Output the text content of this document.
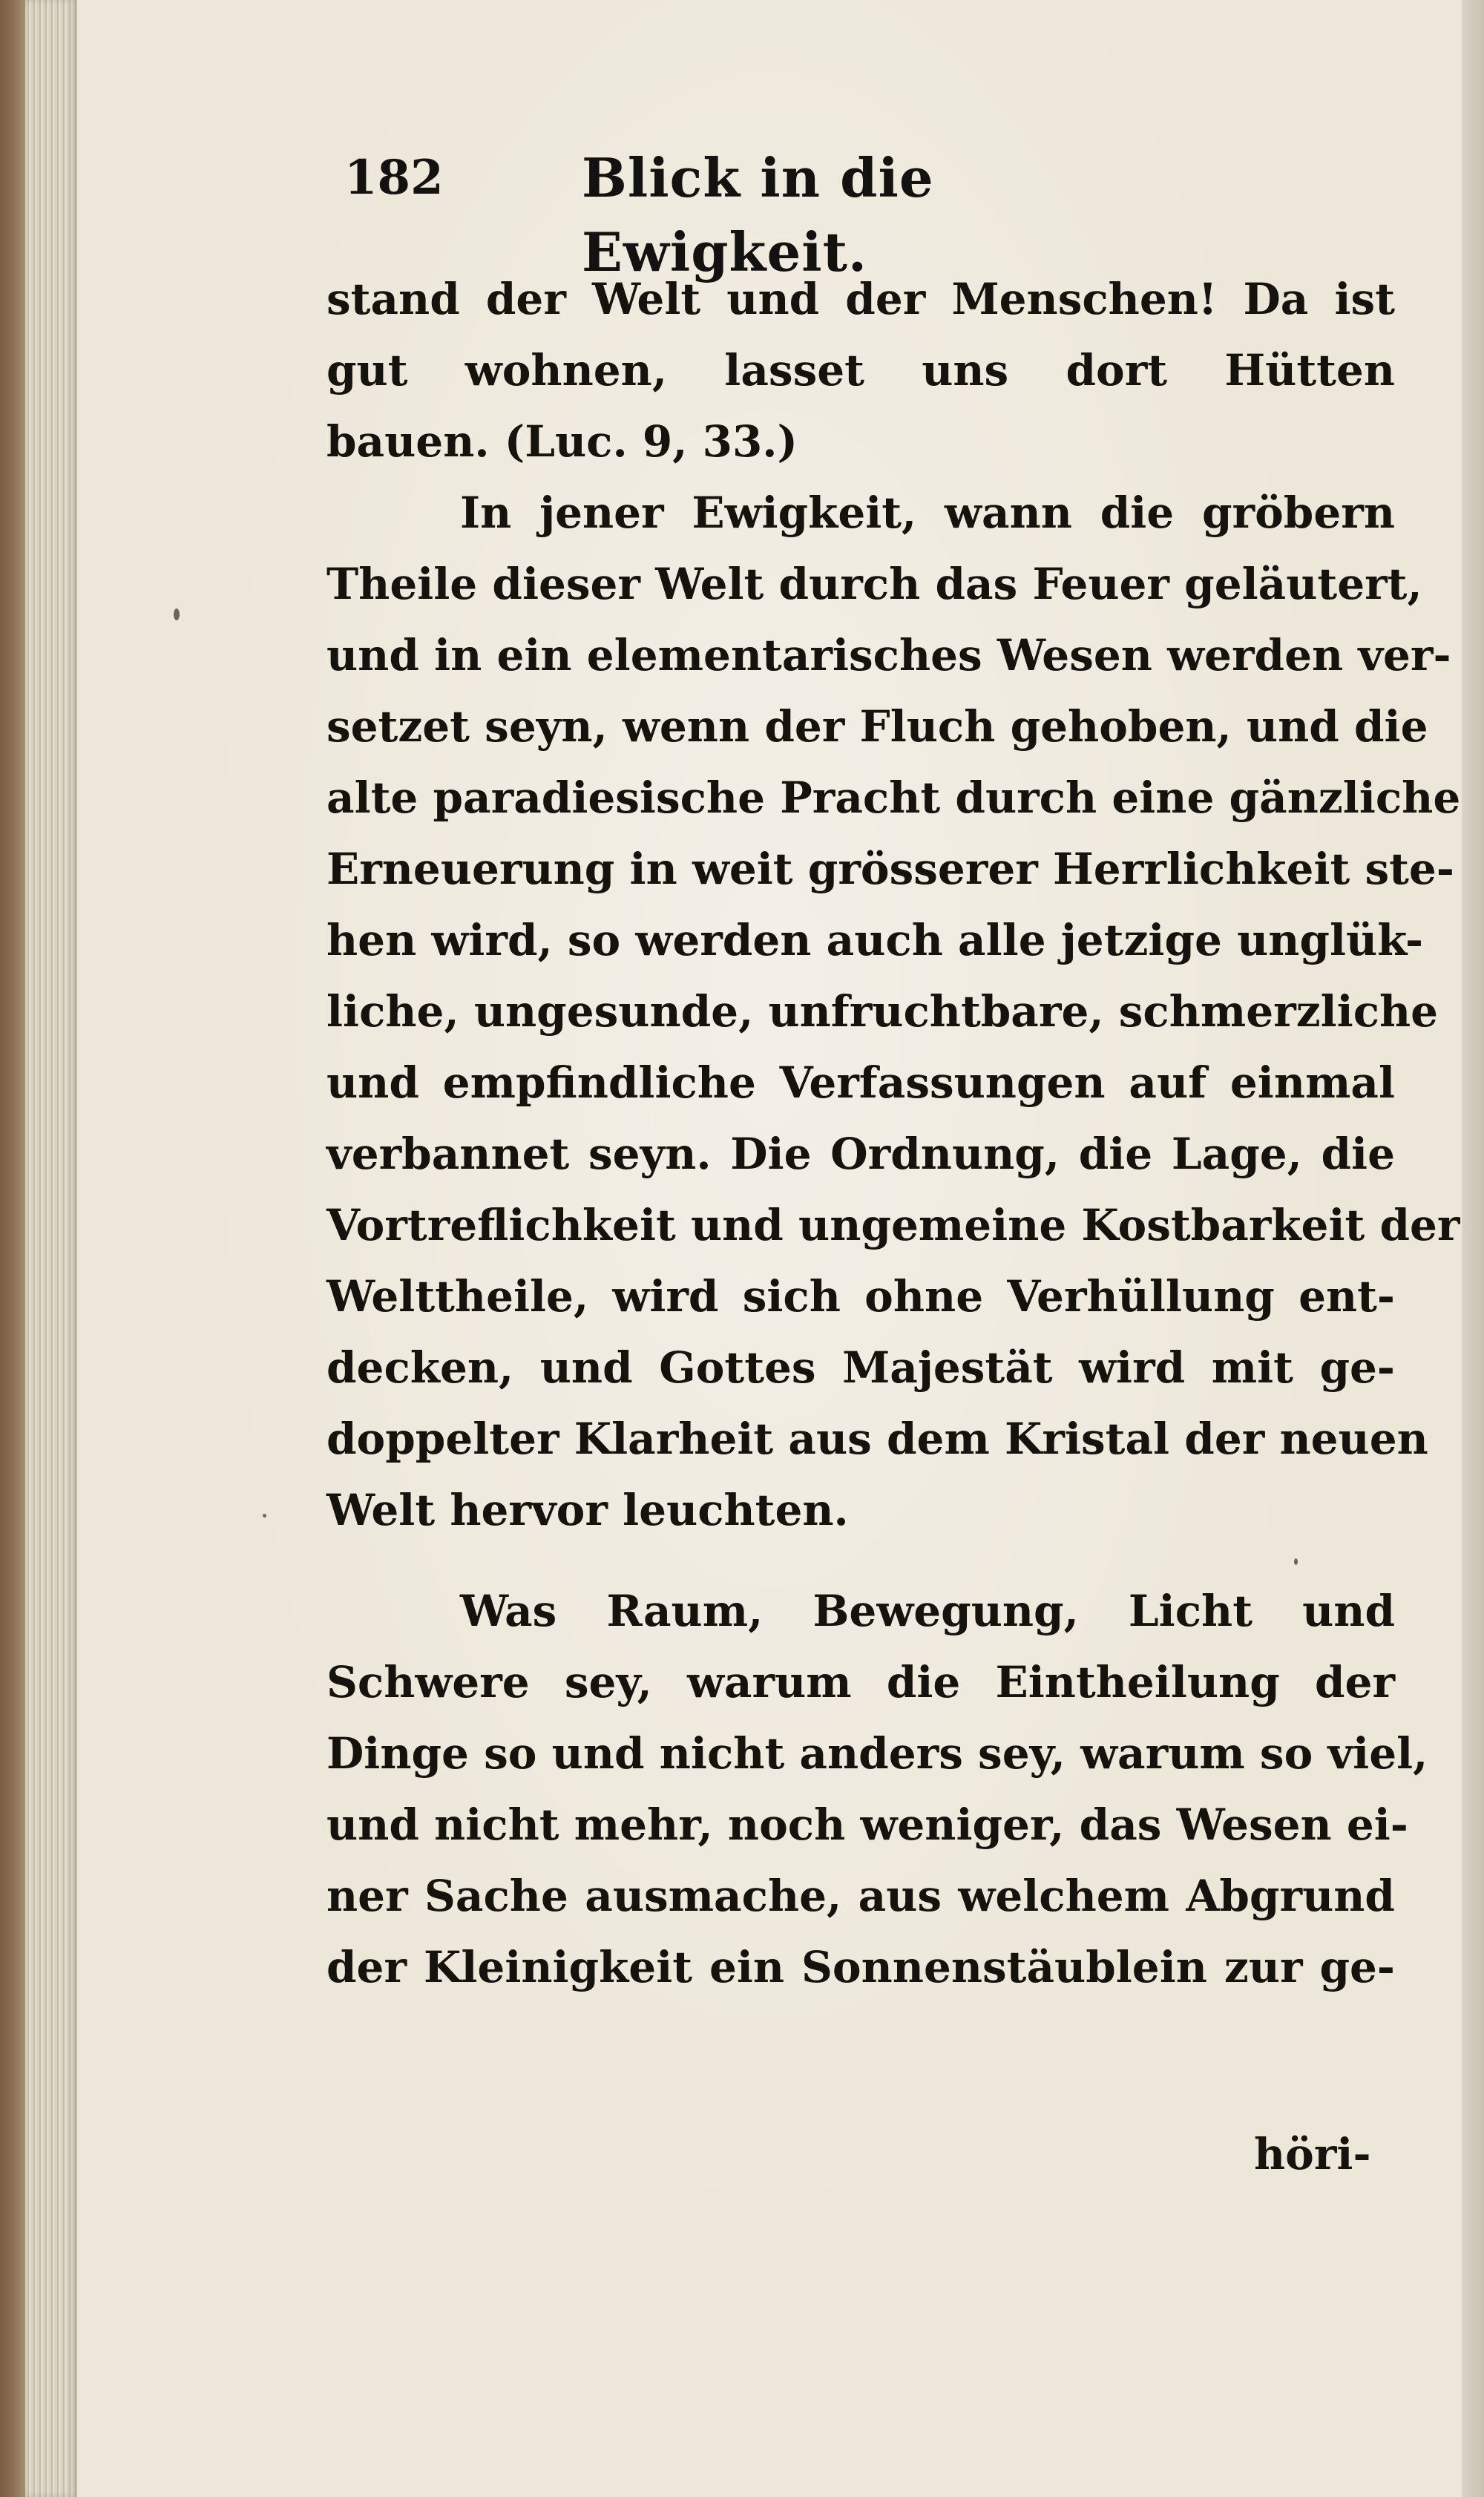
182	Blick in die Ewigkeit.
stand der Welt und der Menschen! Da ist
gut wohnen, lasset uns dort Hütten
bauen. (Luc. 9, 33.)
In jener Ewigkeit, wann die gröbern
Theile dieser Welt durch das Feuer geläutert,
und in ein elementarisches Wesen werden ver-
setzet seyn, wenn der Fluch gehoben, und die
alte paradiesische Pracht durch eine gänzliche
Erneuerung in weit grösserer Herrlichkeit ste-
hen wird, so werden auch alle jetzige unglük-
liche, ungesunde, unfruchtbare, schmerzliche
und empfindliche Verfassungen auf einmal
verbannet seyn. Die Ordnung, die Lage, die
Vortreflichkeit und ungemeine Kostbarkeit der
Welttheile, wird sich ohne Verhüllung ent-
decken, und Gottes Majestät wird mit ge-
doppelter Klarheit aus dem Kristal der neuen
Welt hervor leuchten.
Was Raum, Bewegung, Licht und
Schwere sey, warum die Eintheilung der
Dinge so und nicht anders sey, warum so viel,
und nicht mehr, noch weniger, das Wesen ei-
ner Sache ausmache, aus welchem Abgrund
der Kleinigkeit ein Sonnenstäublein zur ge-
höri-
